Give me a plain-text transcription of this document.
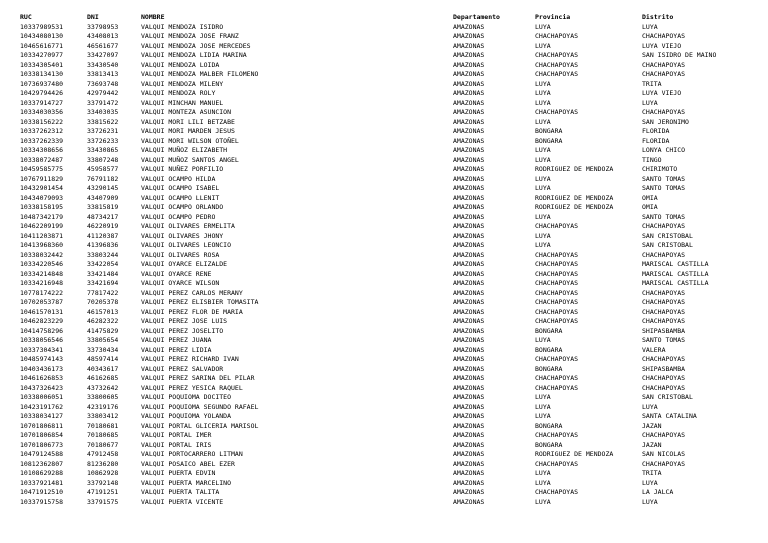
RUC	DNI	NOMBRE	Departamento	Provincia	Distrito
10337989531	33798953	VALQUI MENDOZA ISIDRO	AMAZONAS	LUYA	LUYA
10434080130	43408013	VALQUI MENDOZA JOSE FRANZ	AMAZONAS	CHACHAPOYAS	CHACHAPOYAS
10465616771	46561677	VALQUI MENDOZA JOSE MERCEDES	AMAZONAS	LUYA	LUYA VIEJO
10334270977	33427097	VALQUI MENDOZA LIDIA MARINA	AMAZONAS	CHACHAPOYAS	SAN ISIDRO DE MAINO
10334305401	33430540	VALQUI MENDOZA LOIDA	AMAZONAS	CHACHAPOYAS	CHACHAPOYAS
10338134130	33813413	VALQUI MENDOZA MALBER FILOMENO	AMAZONAS	CHACHAPOYAS	CHACHAPOYAS
10736937480	73693748	VALQUI MENDOZA MILENY	AMAZONAS	LUYA	TRITA
10429794426	42979442	VALQUI MENDOZA ROLY	AMAZONAS	LUYA	LUYA VIEJO
10337914727	33791472	VALQUI MINCHAN MANUEL	AMAZONAS	LUYA	LUYA
10334030356	33403035	VALQUI MONTEZA ASUNCION	AMAZONAS	CHACHAPOYAS	CHACHAPOYAS
10338156222	33815622	VALQUI MORI LILI BETZABE	AMAZONAS	LUYA	SAN JERONIMO
10337262312	33726231	VALQUI MORI MARDEN JESUS	AMAZONAS	BONGARA	FLORIDA
10337262339	33726233	VALQUI MORI WILSON OTOÑEL	AMAZONAS	BONGARA	FLORIDA
10334308656	33430865	VALQUI MUÑOZ ELIZABETH	AMAZONAS	LUYA	LONYA CHICO
10338072487	33807248	VALQUI MUÑOZ SANTOS ANGEL	AMAZONAS	LUYA	TINGO
10459585775	45958577	VALQUI NUÑEZ PORFILIO	AMAZONAS	RODRIGUEZ DE MENDOZA	CHIRIMOTO
10767911829	76791182	VALQUI OCAMPO HILDA	AMAZONAS	LUYA	SANTO TOMAS
10432901454	43290145	VALQUI OCAMPO ISABEL	AMAZONAS	LUYA	SANTO TOMAS
10434079093	43407909	VALQUI OCAMPO LLENIT	AMAZONAS	RODRIGUEZ DE MENDOZA	OMIA
10338158195	33815819	VALQUI OCAMPO ORLANDO	AMAZONAS	RODRIGUEZ DE MENDOZA	OMIA
10487342179	48734217	VALQUI OCAMPO PEDRO	AMAZONAS	LUYA	SANTO TOMAS
10462209199	46220919	VALQUI OLIVARES ERMELITA	AMAZONAS	CHACHAPOYAS	CHACHAPOYAS
10411203871	41120387	VALQUI OLIVARES JHONY	AMAZONAS	LUYA	SAN CRISTOBAL
10413968360	41396836	VALQUI OLIVARES LEONCIO	AMAZONAS	LUYA	SAN CRISTOBAL
10338032442	33803244	VALQUI OLIVARES ROSA	AMAZONAS	CHACHAPOYAS	CHACHAPOYAS
10334220546	33422054	VALQUI OYARCE ELIZALDE	AMAZONAS	CHACHAPOYAS	MARISCAL CASTILLA
10334214848	33421484	VALQUI OYARCE RENE	AMAZONAS	CHACHAPOYAS	MARISCAL CASTILLA
10334216948	33421694	VALQUI OYARCE WILSON	AMAZONAS	CHACHAPOYAS	MARISCAL CASTILLA
10778174222	77817422	VALQUI PEREZ CARLOS MERANY	AMAZONAS	CHACHAPOYAS	CHACHAPOYAS
10702053787	70205378	VALQUI PEREZ ELISBIER TOMASITA	AMAZONAS	CHACHAPOYAS	CHACHAPOYAS
10461570131	46157013	VALQUI PEREZ FLOR DE MARIA	AMAZONAS	CHACHAPOYAS	CHACHAPOYAS
10462823229	46282322	VALQUI PEREZ JOSE LUIS	AMAZONAS	CHACHAPOYAS	CHACHAPOYAS
10414758296	41475829	VALQUI PEREZ JOSELITO	AMAZONAS	BONGARA	SHIPASBAMBA
10338056546	33805654	VALQUI PEREZ JUANA	AMAZONAS	LUYA	SANTO TOMAS
10337304341	33730434	VALQUI PEREZ LIDIA	AMAZONAS	BONGARA	VALERA
10485974143	48597414	VALQUI PEREZ RICHARD IVAN	AMAZONAS	CHACHAPOYAS	CHACHAPOYAS
10403436173	40343617	VALQUI PEREZ SALVADOR	AMAZONAS	BONGARA	SHIPASBAMBA
10461626853	46162685	VALQUI PEREZ SARINA DEL PILAR	AMAZONAS	CHACHAPOYAS	CHACHAPOYAS
10437326423	43732642	VALQUI PEREZ YESICA RAQUEL	AMAZONAS	CHACHAPOYAS	CHACHAPOYAS
10338006051	33800605	VALQUI POQUIOMA DOCITEO	AMAZONAS	LUYA	SAN CRISTOBAL
10423191762	42319176	VALQUI POQUIOMA SEGUNDO RAFAEL	AMAZONAS	LUYA	LUYA
10338034127	33803412	VALQUI POQUIOMA YOLANDA	AMAZONAS	LUYA	SANTA CATALINA
10701806811	70180681	VALQUI PORTAL GLICERIA MARISOL	AMAZONAS	BONGARA	JAZAN
10701806854	70180685	VALQUI PORTAL IMER	AMAZONAS	CHACHAPOYAS	CHACHAPOYAS
10701806773	70180677	VALQUI PORTAL IRIS	AMAZONAS	BONGARA	JAZAN
10479124588	47912458	VALQUI PORTOCARRERO LITMAN	AMAZONAS	RODRIGUEZ DE MENDOZA	SAN NICOLAS
10812362807	81236280	VALQUI POSAICO ABEL EZER	AMAZONAS	CHACHAPOYAS	CHACHAPOYAS
10108629288	10862928	VALQUI PUERTA EDVIN	AMAZONAS	LUYA	TRITA
10337921481	33792148	VALQUI PUERTA MARCELINO	AMAZONAS	LUYA	LUYA
10471912510	47191251	VALQUI PUERTA TALITA	AMAZONAS	CHACHAPOYAS	LA JALCA
10337915758	33791575	VALQUI PUERTA VICENTE	AMAZONAS	LUYA	LUYA
